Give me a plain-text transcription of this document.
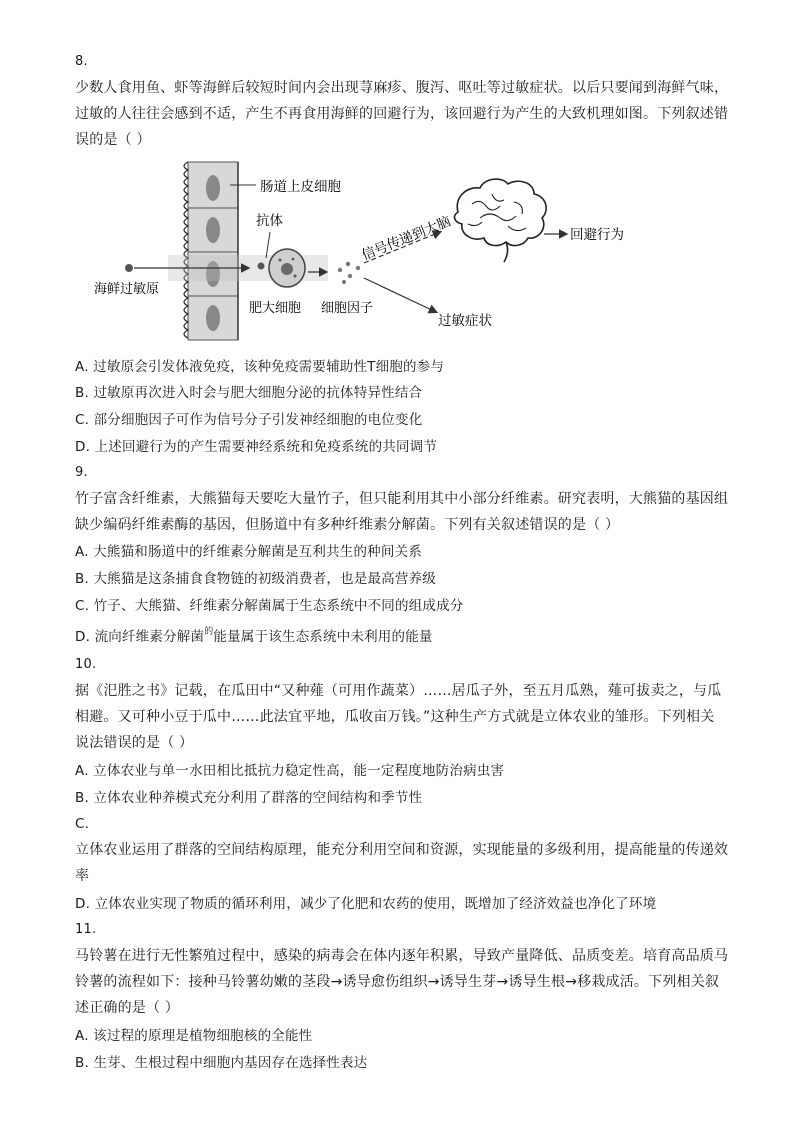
8.
少数人食用鱼、虾等海鲜后较短时间内会出现荨麻疹、腹泻、呕吐等过敏症状。以后只要闻到海鲜气味，
过敏的人往往会感到不适，产生不再食用海鲜的回避行为，该回避行为产生的大致机理如图。下列叙述错
误的是（ ）
肠道上皮细胞
海鲜过敏原
抗体
肥大细胞 细胞因子
信号传递到大脑	回避行为
过敏症状
A. 过敏原会引发体液免疫，该种免疫需要辅助性T细胞的参与
B. 过敏原再次进入时会与肥大细胞分泌的抗体特异性结合
C. 部分细胞因子可作为信号分子引发神经细胞的电位变化
D. 上述回避行为的产生需要神经系统和免疫系统的共同调节
9.
竹子富含纤维素，大熊猫每天要吃大量竹子，但只能利用其中小部分纤维素。研究表明，大熊猫的基因组
缺少编码纤维素酶的基因，但肠道中有多种纤维素分解菌。下列有关叙述错误的是（ ）
A. 大熊猫和肠道中的纤维素分解菌是互利共生的种间关系
B. 大熊猫是这条捕食食物链的初级消费者，也是最高营养级
C. 竹子、大熊猫、纤维素分解菌属于生态系统中不同的组成成分
D. 流向纤维素分解菌$^的$能量属于该生态系统中未利用的能量
10.
据《汜胜之书》记载，在瓜田中“又种薤（可用作蔬菜）……居瓜子外，至五月瓜熟，薤可拔卖之，与瓜
相避。又可种小豆于瓜中……此法宜平地，瓜收亩万钱。”这种生产方式就是立体农业的雏形。下列相关
说法错误的是（ ）
A. 立体农业与单一水田相比抵抗力稳定性高，能一定程度地防治病虫害
B. 立体农业种养模式充分利用了群落的空间结构和季节性
C.
立体农业运用了群落的空间结构原理，能充分利用空间和资源，实现能量的多级利用，提高能量的传递效
率
D. 立体农业实现了物质的循环利用，减少了化肥和农药的使用，既增加了经济效益也净化了环境
11.
马铃薯在进行无性繁殖过程中，感染的病毒会在体内逐年积累，导致产量降低、品质变差。培育高品质马
铃薯的流程如下：接种马铃薯幼嫩的茎段→诱导愈伤组织→诱导生芽→诱导生根→移栽成活。下列相关叙
述正确的是（ ）
A. 该过程的原理是植物细胞核的全能性
B. 生芽、生根过程中细胞内基因存在选择性表达
